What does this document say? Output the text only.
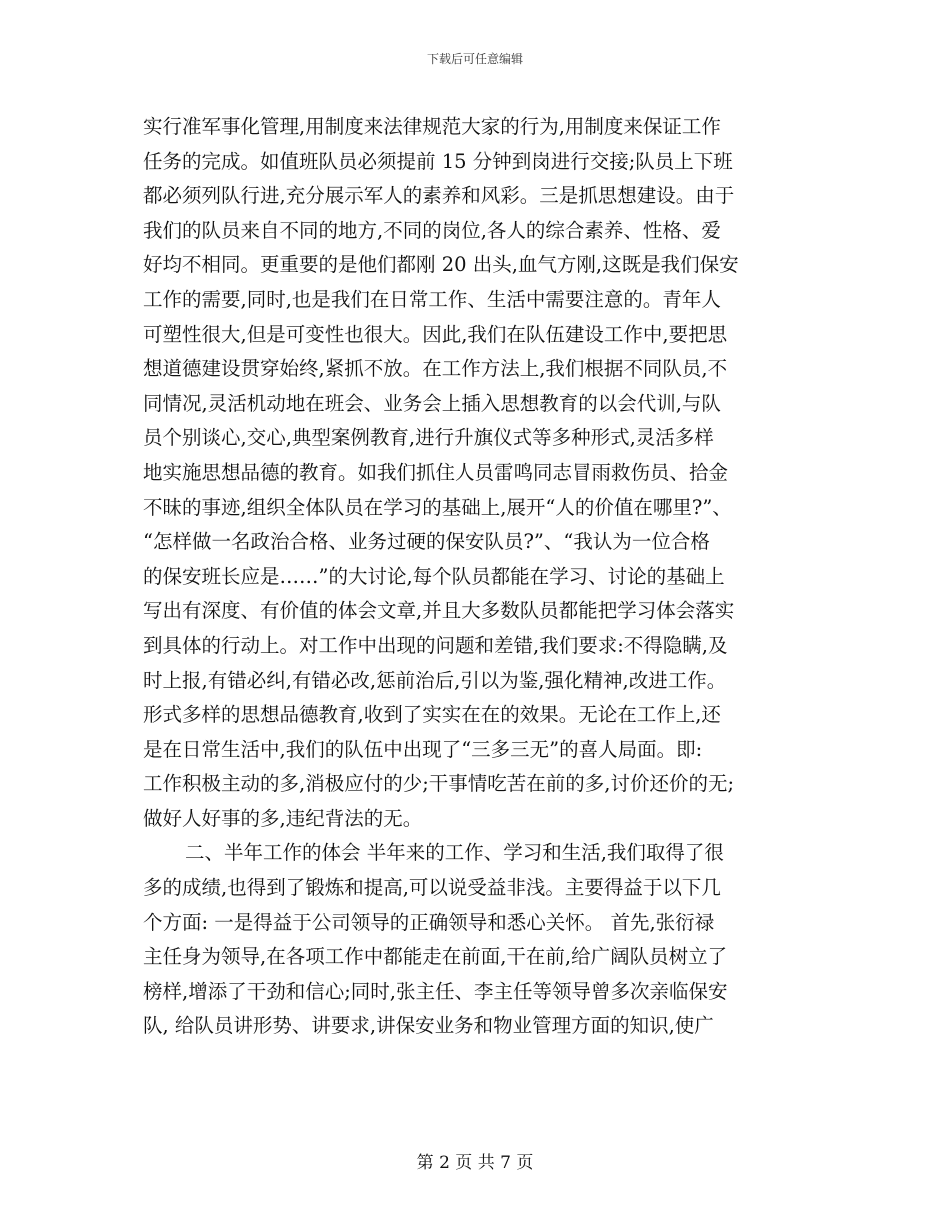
下载后可任意编辑
实行准军事化管理,用制度来法律规范大家的行为,用制度来保证工作
任务的完成。如值班队员必须提前 15 分钟到岗进行交接;队员上下班
都必须列队行进,充分展示军人的素养和风彩。三是抓思想建设。由于
我们的队员来自不同的地方,不同的岗位,各人的综合素养、性格、爱
好均不相同。更重要的是他们都刚 20 出头,血气方刚,这既是我们保安
工作的需要,同时,也是我们在日常工作、生活中需要注意的。青年人
可塑性很大,但是可变性也很大。因此,我们在队伍建设工作中,要把思
想道德建设贯穿始终,紧抓不放。在工作方法上,我们根据不同队员,不
同情况,灵活机动地在班会、业务会上插入思想教育的以会代训,与队
员个别谈心,交心,典型案例教育,进行升旗仪式等多种形式,灵活多样
地实施思想品德的教育。如我们抓住人员雷鸣同志冒雨救伤员、拾金
不昧的事迹,组织全体队员在学习的基础上,展开“人的价值在哪里?”、
“怎样做一名政治合格、业务过硬的保安队员?”、“我认为一位合格
的保安班长应是……”的大讨论,每个队员都能在学习、讨论的基础上
写出有深度、有价值的体会文章,并且大多数队员都能把学习体会落实
到具体的行动上。对工作中出现的问题和差错,我们要求:不得隐瞒,及
时上报,有错必纠,有错必改,惩前治后,引以为鉴,强化精神,改进工作。
形式多样的思想品德教育,收到了实实在在的效果。无论在工作上,还
是在日常生活中,我们的队伍中出现了“三多三无”的喜人局面。即:
工作积极主动的多,消极应付的少;干事情吃苦在前的多,讨价还价的无;
做好人好事的多,违纪背法的无。
二、半年工作的体会 半年来的工作、学习和生活,我们取得了很
多的成绩,也得到了锻炼和提高,可以说受益非浅。主要得益于以下几
个方面: 一是得益于公司领导的正确领导和悉心关怀。 首先,张衍禄
主任身为领导,在各项工作中都能走在前面,干在前,给广阔队员树立了
榜样,增添了干劲和信心;同时,张主任、李主任等领导曾多次亲临保安
队, 给队员讲形势、讲要求,讲保安业务和物业管理方面的知识,使广
第 2 页 共 7 页
